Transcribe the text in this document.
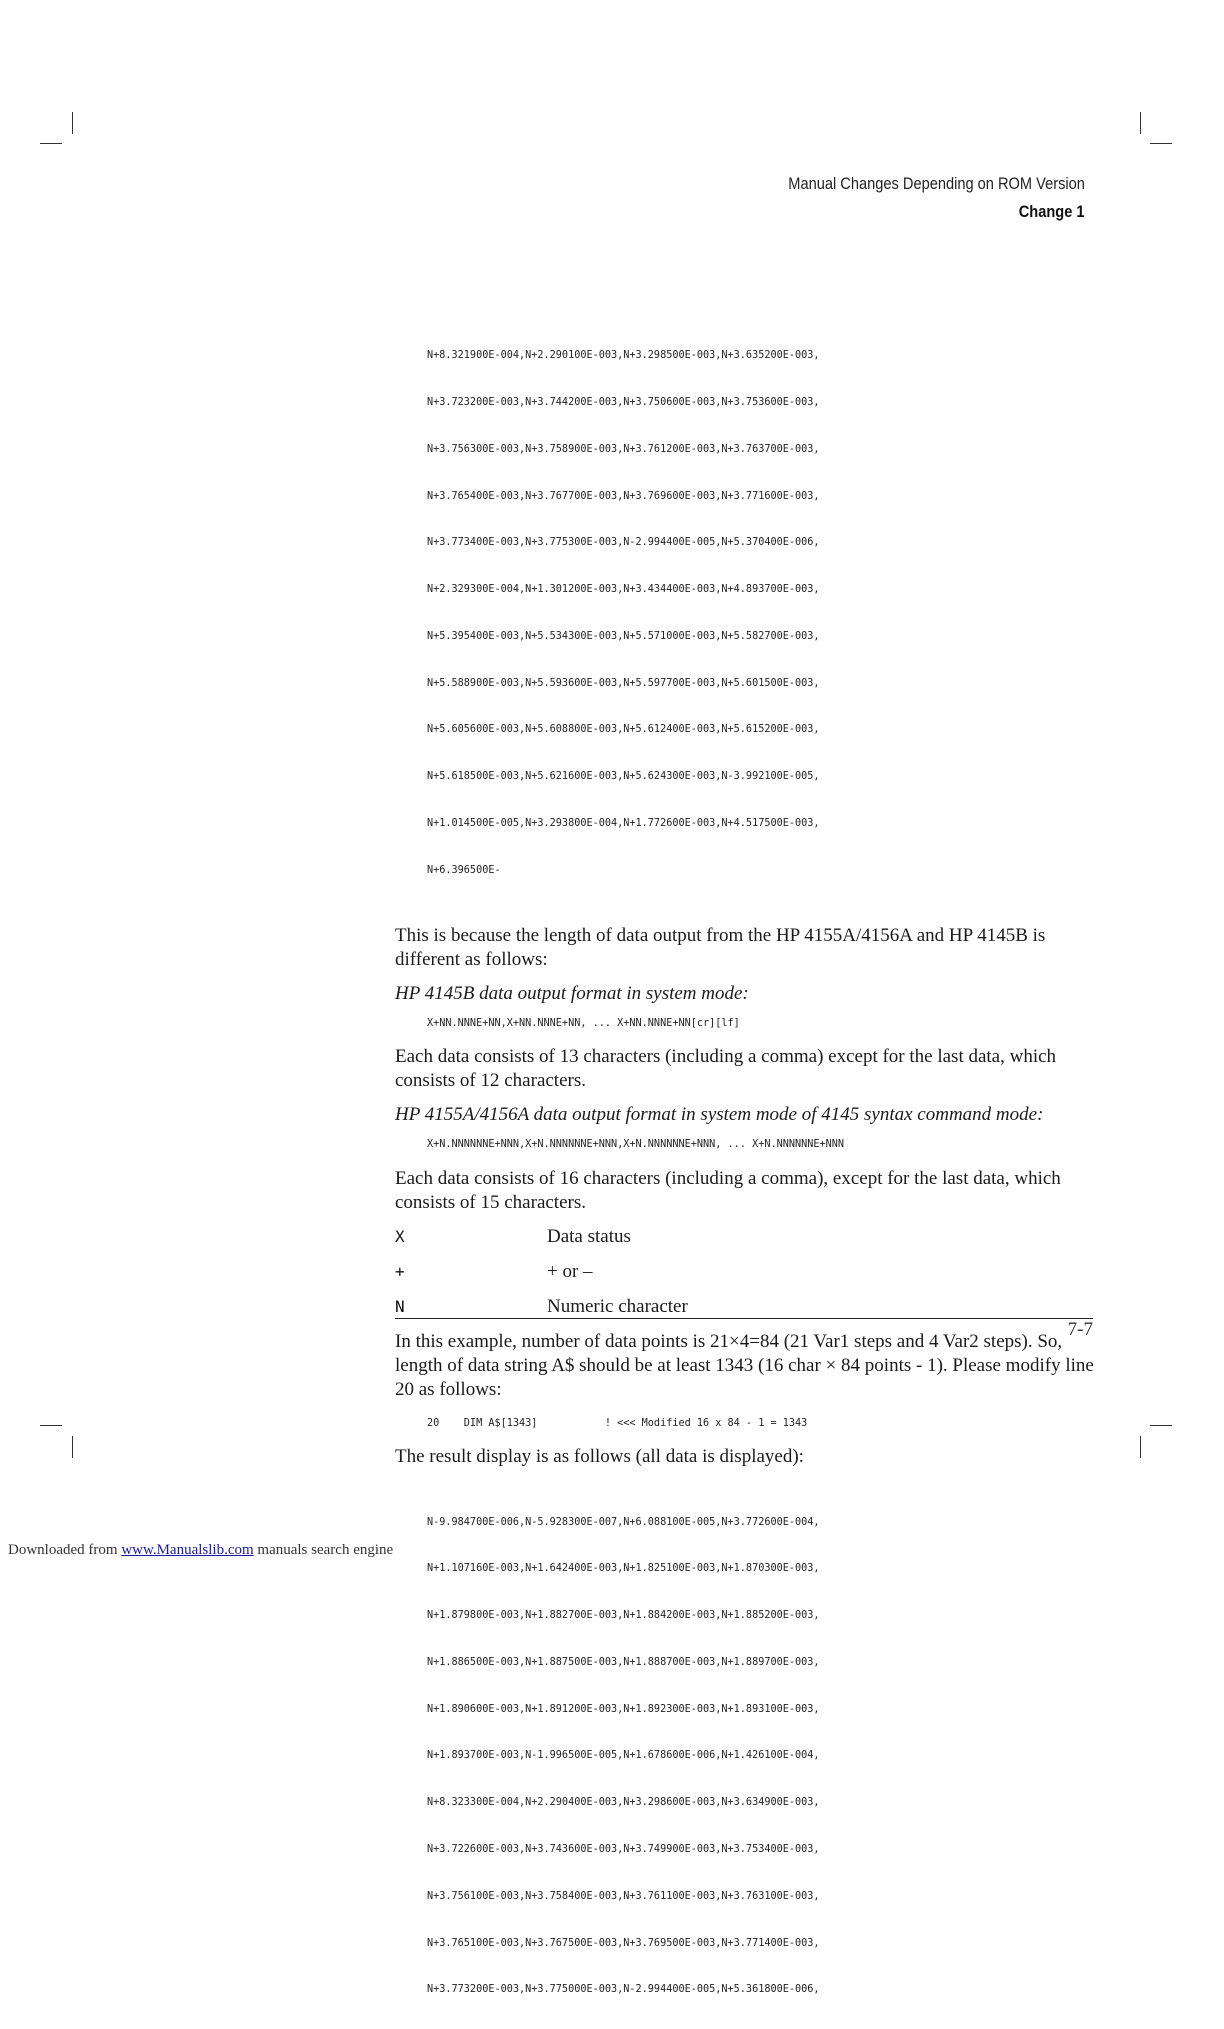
Manual Changes Depending on ROM Version
Change 1

N+8.321900E-004,N+2.290100E-003,N+3.298500E-003,N+3.635200E-003,

N+3.723200E-003,N+3.744200E-003,N+3.750600E-003,N+3.753600E-003,

N+3.756300E-003,N+3.758900E-003,N+3.761200E-003,N+3.763700E-003,

N+3.765400E-003,N+3.767700E-003,N+3.769600E-003,N+3.771600E-003,

N+3.773400E-003,N+3.775300E-003,N-2.994400E-005,N+5.370400E-006,

N+2.329300E-004,N+1.301200E-003,N+3.434400E-003,N+4.893700E-003,

N+5.395400E-003,N+5.534300E-003,N+5.571000E-003,N+5.582700E-003,

N+5.588900E-003,N+5.593600E-003,N+5.597700E-003,N+5.601500E-003,

N+5.605600E-003,N+5.608800E-003,N+5.612400E-003,N+5.615200E-003,

N+5.618500E-003,N+5.621600E-003,N+5.624300E-003,N-3.992100E-005,

N+1.014500E-005,N+3.293800E-004,N+1.772600E-003,N+4.517500E-003,

N+6.396500E-

This is because the length of data output from the HP 4155A/4156A and HP 4145B is different as follows:

HP 4145B data output format in system mode:

X+NN.NNNE+NN,X+NN.NNNE+NN, ... X+NN.NNNE+NN[cr][lf]

Each data consists of 13 characters (including a comma) except for the last data, which consists of 12 characters.

HP 4155A/4156A data output format in system mode of 4145 syntax command mode:

X+N.NNNNNNE+NNN,X+N.NNNNNNE+NNN,X+N.NNNNNNE+NNN, ... X+N.NNNNNNE+NNN

Each data consists of 16 characters (including a comma), except for the last data, which consists of 15 characters.

X	Data status
+	+ or –
N	Numeric character

In this example, number of data points is 21×4=84 (21 Var1 steps and 4 Var2 steps). So, length of data string A$ should be at least 1343 (16 char × 84 points - 1). Please modify line 20 as follows:

20    DIM A$[1343]           ! <<< Modified 16 x 84 - 1 = 1343

The result display is as follows (all data is displayed):

N-9.984700E-006,N-5.928300E-007,N+6.088100E-005,N+3.772600E-004,

N+1.107160E-003,N+1.642400E-003,N+1.825100E-003,N+1.870300E-003,

N+1.879800E-003,N+1.882700E-003,N+1.884200E-003,N+1.885200E-003,

N+1.886500E-003,N+1.887500E-003,N+1.888700E-003,N+1.889700E-003,

N+1.890600E-003,N+1.891200E-003,N+1.892300E-003,N+1.893100E-003,

N+1.893700E-003,N-1.996500E-005,N+1.678600E-006,N+1.426100E-004,

N+8.323300E-004,N+2.290400E-003,N+3.298600E-003,N+3.634900E-003,

N+3.722600E-003,N+3.743600E-003,N+3.749900E-003,N+3.753400E-003,

N+3.756100E-003,N+3.758400E-003,N+3.761100E-003,N+3.763100E-003,

N+3.765100E-003,N+3.767500E-003,N+3.769500E-003,N+3.771400E-003,

N+3.773200E-003,N+3.775000E-003,N-2.994400E-005,N+5.361800E-006,

7-7
Downloaded from www.Manualslib.com manuals search engine
